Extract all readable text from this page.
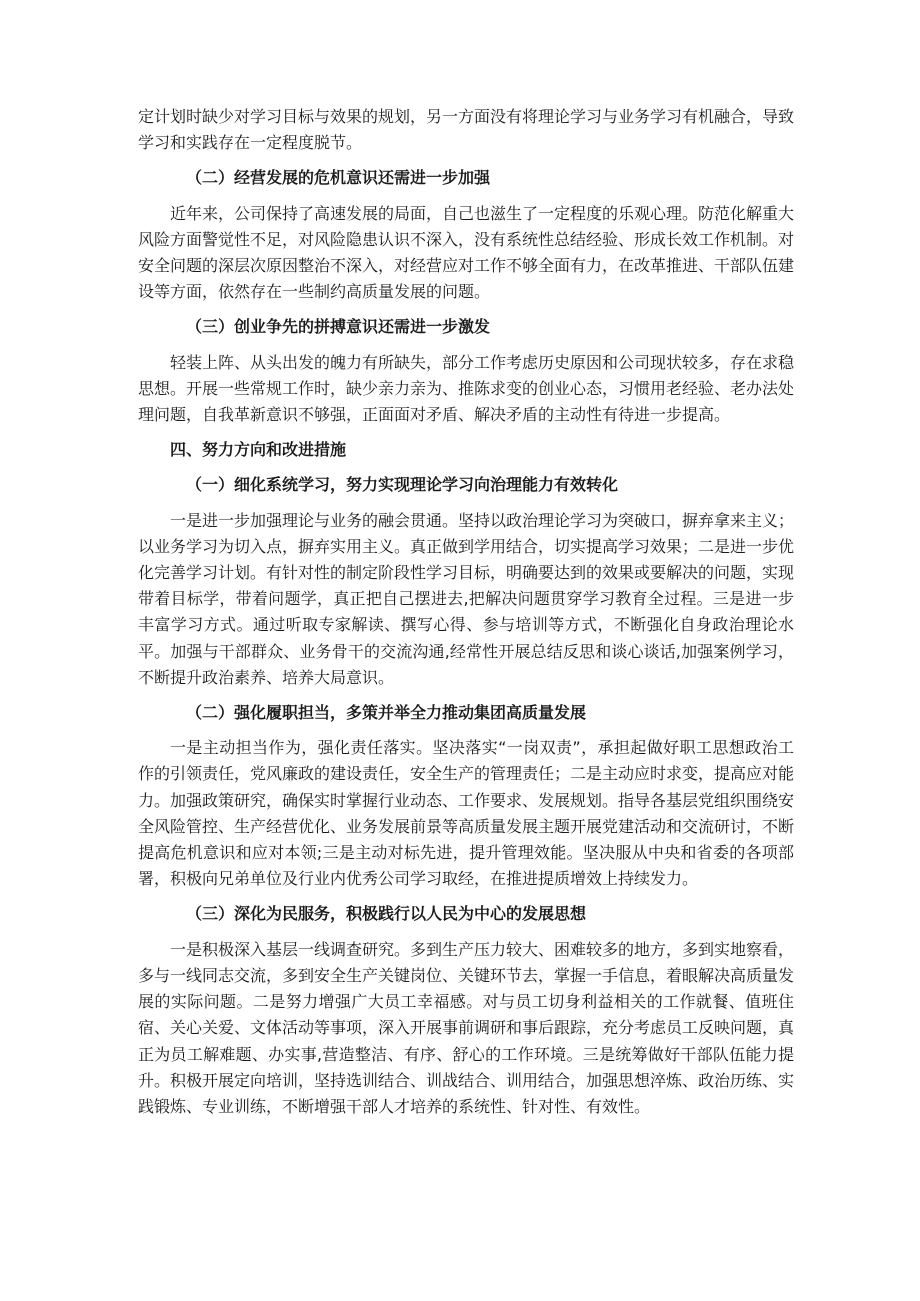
定计划时缺少对学习目标与效果的规划，另一方面没有将理论学习与业务学习有机融合，导致学习和实践存在一定程度脱节。

（二）经营发展的危机意识还需进一步加强

近年来，公司保持了高速发展的局面，自己也滋生了一定程度的乐观心理。防范化解重大风险方面警觉性不足，对风险隐患认识不深入，没有系统性总结经验、形成长效工作机制。对安全问题的深层次原因整治不深入，对经营应对工作不够全面有力，在改革推进、干部队伍建设等方面，依然存在一些制约高质量发展的问题。

（三）创业争先的拼搏意识还需进一步激发

轻装上阵、从头出发的魄力有所缺失，部分工作考虑历史原因和公司现状较多，存在求稳思想。开展一些常规工作时，缺少亲力亲为、推陈求变的创业心态，习惯用老经验、老办法处理问题，自我革新意识不够强，正面面对矛盾、解决矛盾的主动性有待进一步提高。

四、努力方向和改进措施

（一）细化系统学习，努力实现理论学习向治理能力有效转化

一是进一步加强理论与业务的融会贯通。坚持以政治理论学习为突破口，摒弃拿来主义；以业务学习为切入点，摒弃实用主义。真正做到学用结合，切实提高学习效果；二是进一步优化完善学习计划。有针对性的制定阶段性学习目标，明确要达到的效果或要解决的问题，实现带着目标学，带着问题学，真正把自己摆进去,把解决问题贯穿学习教育全过程。三是进一步丰富学习方式。通过听取专家解读、撰写心得、参与培训等方式，不断强化自身政治理论水平。加强与干部群众、业务骨干的交流沟通,经常性开展总结反思和谈心谈话,加强案例学习，不断提升政治素养、培养大局意识。

（二）强化履职担当，多策并举全力推动集团高质量发展

一是主动担当作为，强化责任落实。坚决落实“一岗双责”，承担起做好职工思想政治工作的引领责任，党风廉政的建设责任，安全生产的管理责任；二是主动应时求变，提高应对能力。加强政策研究，确保实时掌握行业动态、工作要求、发展规划。指导各基层党组织围绕安全风险管控、生产经营优化、业务发展前景等高质量发展主题开展党建活动和交流研讨，不断提高危机意识和应对本领;三是主动对标先进，提升管理效能。坚决服从中央和省委的各项部署，积极向兄弟单位及行业内优秀公司学习取经，在推进提质增效上持续发力。

（三）深化为民服务，积极践行以人民为中心的发展思想

一是积极深入基层一线调查研究。多到生产压力较大、困难较多的地方，多到实地察看，多与一线同志交流，多到安全生产关键岗位、关键环节去，掌握一手信息，着眼解决高质量发展的实际问题。二是努力增强广大员工幸福感。对与员工切身利益相关的工作就餐、值班住宿、关心关爱、文体活动等事项，深入开展事前调研和事后跟踪，充分考虑员工反映问题，真正为员工解难题、办实事,营造整洁、有序、舒心的工作环境。三是统筹做好干部队伍能力提升。积极开展定向培训，坚持选训结合、训战结合、训用结合，加强思想淬炼、政治历练、实践锻炼、专业训练，不断增强干部人才培养的系统性、针对性、有效性。
